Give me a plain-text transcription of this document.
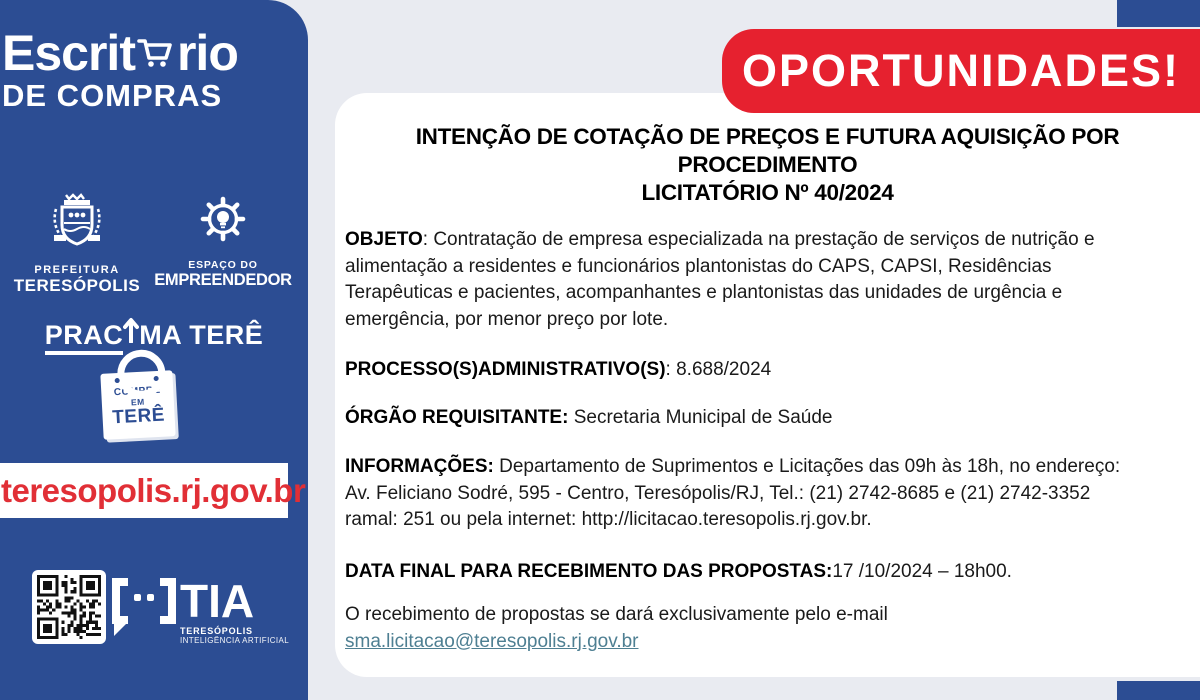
INTENÇÃO DE COTAÇÃO DE PREÇOS E FUTURA AQUISIÇÃO POR PROCEDIMENTO
LICITATÓRIO Nº 40/2024

OBJETO: Contratação de empresa especializada na prestação de serviços de nutrição e
alimentação a residentes e funcionários plantonistas do CAPS, CAPSI, Residências
Terapêuticas e pacientes, acompanhantes e plantonistas das unidades de urgência e
emergência, por menor preço por lote.

PROCESSO(S)ADMINISTRATIVO(S): 8.688/2024

ÓRGÃO REQUISITANTE: Secretaria Municipal de Saúde

INFORMAÇÕES: Departamento de Suprimentos e Licitações das 09h às 18h, no endereço:
Av. Feliciano Sodré, 595 - Centro, Teresópolis/RJ, Tel.: (21) 2742-8685 e (21) 2742-3352
ramal: 251 ou pela internet: http://licitacao.teresopolis.rj.gov.br.

DATA FINAL PARA RECEBIMENTO DAS PROPOSTAS:17 /10/2024 – 18h00.

O recebimento de propostas se dará exclusivamente pelo e-mail
sma.licitacao@teresopolis.rj.gov.br

OPORTUNIDADES!
Escrit rio
DE COMPRAS
PREFEITURA
TERESÓPOLIS
ESPAÇO DO
EMPREENDEDOR
PRAC MA TERÊ
COMPRE
EM
TERÊ
teresopolis.rj.gov.br
TIA
TERESÓPOLIS
INTELIGÊNCIA ARTIFICIAL
